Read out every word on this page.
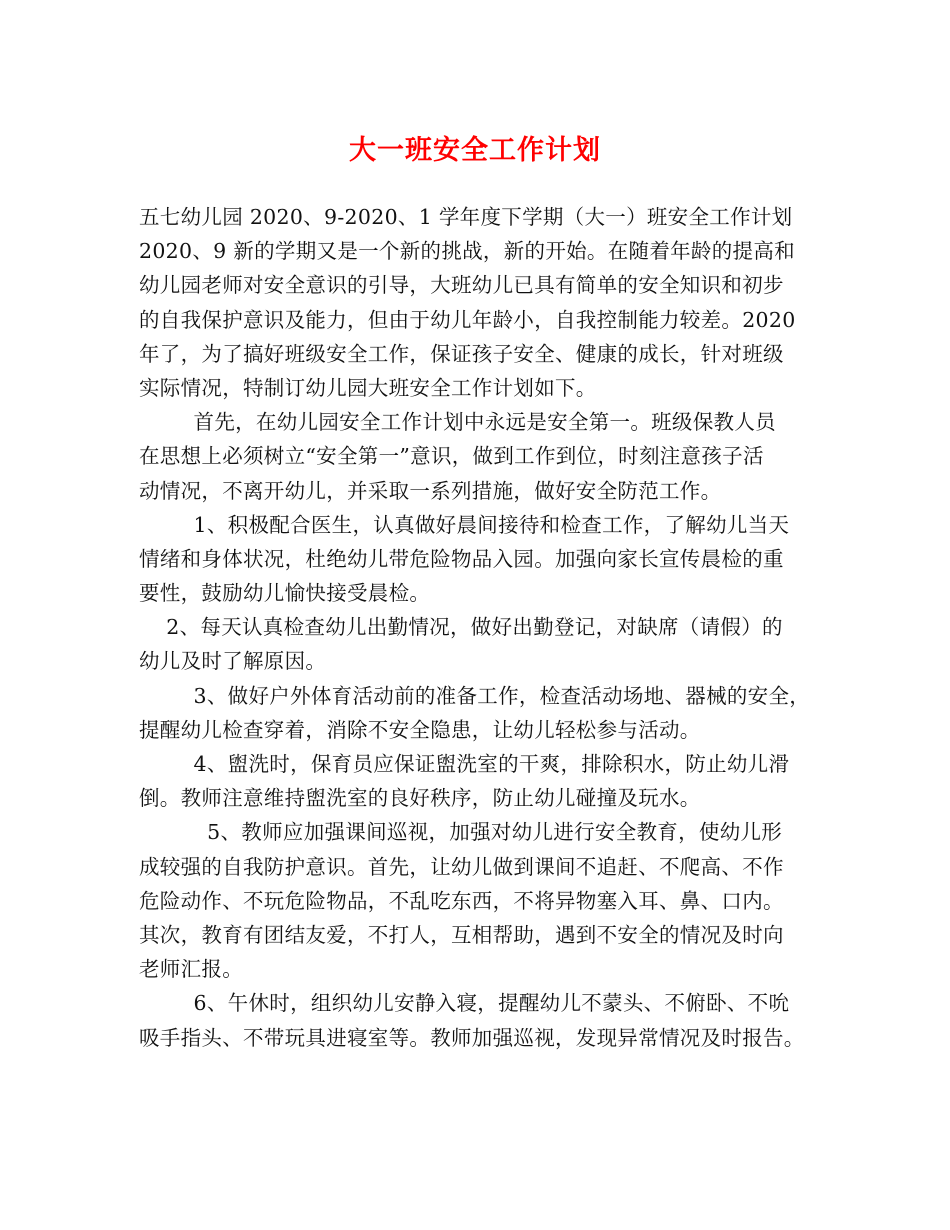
大一班安全工作计划
五七幼儿园 2020、9-2020、1 学年度下学期（大一）班安全工作计划
2020、9 新的学期又是一个新的挑战，新的开始。在随着年龄的提高和
幼儿园老师对安全意识的引导，大班幼儿已具有简单的安全知识和初步
的自我保护意识及能力，但由于幼儿年龄小，自我控制能力较差。2020
年了，为了搞好班级安全工作，保证孩子安全、健康的成长，针对班级
实际情况，特制订幼儿园大班安全工作计划如下。
首先，在幼儿园安全工作计划中永远是安全第一。班级保教人员
在思想上必须树立“安全第一”意识，做到工作到位，时刻注意孩子活
动情况，不离开幼儿，并采取一系列措施，做好安全防范工作。
1、积极配合医生，认真做好晨间接待和检查工作，了解幼儿当天
情绪和身体状况，杜绝幼儿带危险物品入园。加强向家长宣传晨检的重
要性，鼓励幼儿愉快接受晨检。
2、每天认真检查幼儿出勤情况，做好出勤登记，对缺席（请假）的
幼儿及时了解原因。
3、做好户外体育活动前的准备工作，检查活动场地、器械的安全，
提醒幼儿检查穿着，消除不安全隐患，让幼儿轻松参与活动。
4、盥洗时，保育员应保证盥洗室的干爽，排除积水，防止幼儿滑
倒。教师注意维持盥洗室的良好秩序，防止幼儿碰撞及玩水。
5、教师应加强课间巡视，加强对幼儿进行安全教育，使幼儿形
成较强的自我防护意识。首先，让幼儿做到课间不追赶、不爬高、不作
危险动作、不玩危险物品，不乱吃东西，不将异物塞入耳、鼻、口内。
其次，教育有团结友爱，不打人，互相帮助，遇到不安全的情况及时向
老师汇报。
6、午休时，组织幼儿安静入寝，提醒幼儿不蒙头、不俯卧、不吮
吸手指头、不带玩具进寝室等。教师加强巡视，发现异常情况及时报告。
